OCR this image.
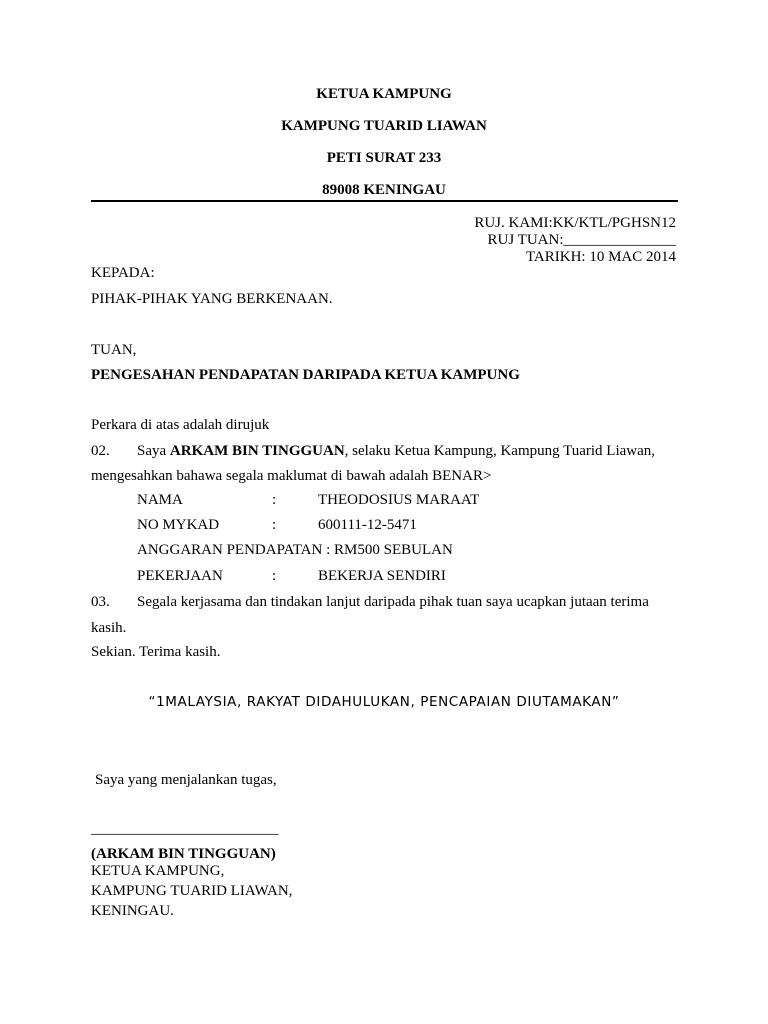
KETUA KAMPUNG
KAMPUNG TUARID LIAWAN
PETI SURAT 233
89008 KENINGAU
RUJ. KAMI:KK/KTL/PGHSN12
RUJ TUAN:_______________
TARIKH: 10 MAC 2014
KEPADA:
PIHAK-PIHAK YANG BERKENAAN.
TUAN,
PENGESAHAN PENDAPATAN DARIPADA KETUA KAMPUNG
Perkara di atas adalah dirujuk
02. Saya ARKAM BIN TINGGUAN, selaku Ketua Kampung, Kampung Tuarid Liawan,
mengesahkan bahawa segala maklumat di bawah adalah BENAR>
NAMA	:	THEODOSIUS MARAAT
NO MYKAD	:	600111-12-5471
ANGGARAN PENDAPATAN : RM500 SEBULAN
PEKERJAAN	:	BEKERJA SENDIRI
03. Segala kerjasama dan tindakan lanjut daripada pihak tuan saya ucapkan jutaan terima
kasih.
Sekian. Terima kasih.
“1MALAYSIA, RAKYAT DIDAHULUKAN, PENCAPAIAN DIUTAMAKAN”
Saya yang menjalankan tugas,
_________________________
(ARKAM BIN TINGGUAN)
KETUA KAMPUNG,
KAMPUNG TUARID LIAWAN,
KENINGAU.
